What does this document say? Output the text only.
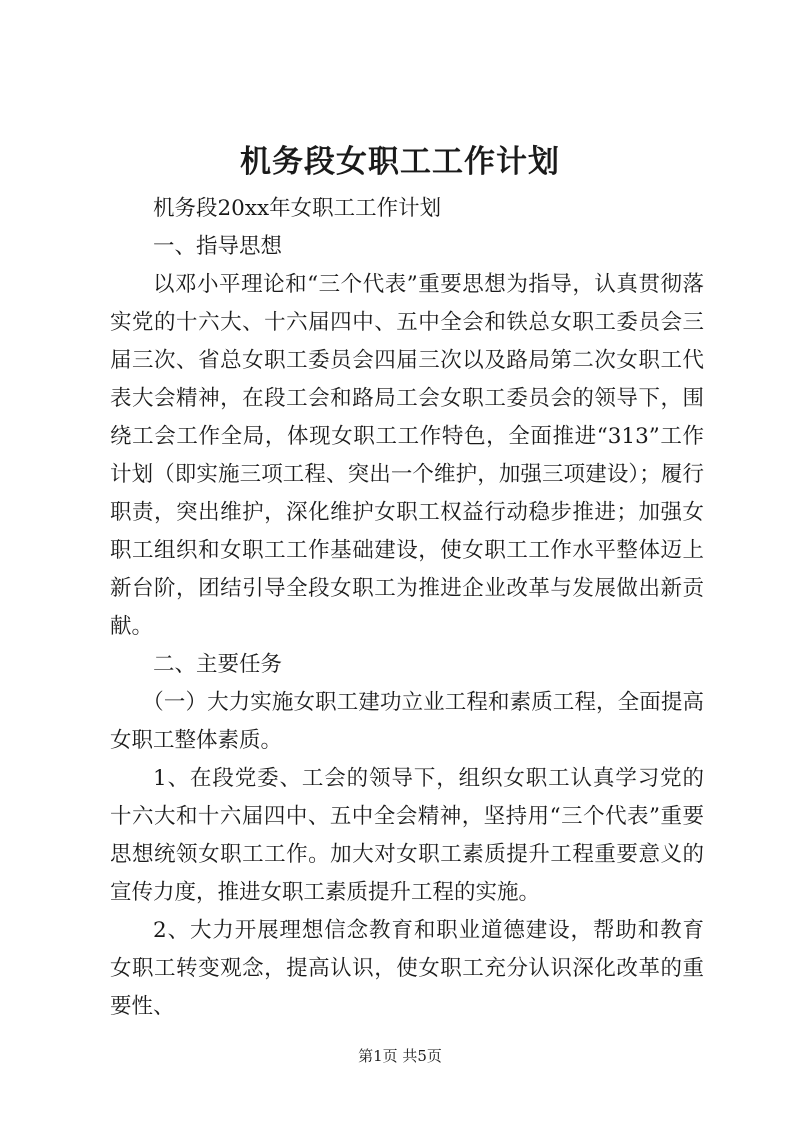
机务段女职工工作计划

机务段20xx年女职工工作计划

一、指导思想

以邓小平理论和“三个代表”重要思想为指导，认真贯彻落实党的十六大、十六届四中、五中全会和铁总女职工委员会三届三次、省总女职工委员会四届三次以及路局第二次女职工代表大会精神，在段工会和路局工会女职工委员会的领导下，围绕工会工作全局，体现女职工工作特色，全面推进“313”工作计划（即实施三项工程、突出一个维护，加强三项建设）；履行职责，突出维护，深化维护女职工权益行动稳步推进；加强女职工组织和女职工工作基础建设，使女职工工作水平整体迈上新台阶，团结引导全段女职工为推进企业改革与发展做出新贡献。

二、主要任务

（一）大力实施女职工建功立业工程和素质工程，全面提高女职工整体素质。

1、在段党委、工会的领导下，组织女职工认真学习党的十六大和十六届四中、五中全会精神，坚持用“三个代表”重要思想统领女职工工作。加大对女职工素质提升工程重要意义的宣传力度，推进女职工素质提升工程的实施。

2、大力开展理想信念教育和职业道德建设，帮助和教育女职工转变观念，提高认识，使女职工充分认识深化改革的重要性、

第1页 共5页
